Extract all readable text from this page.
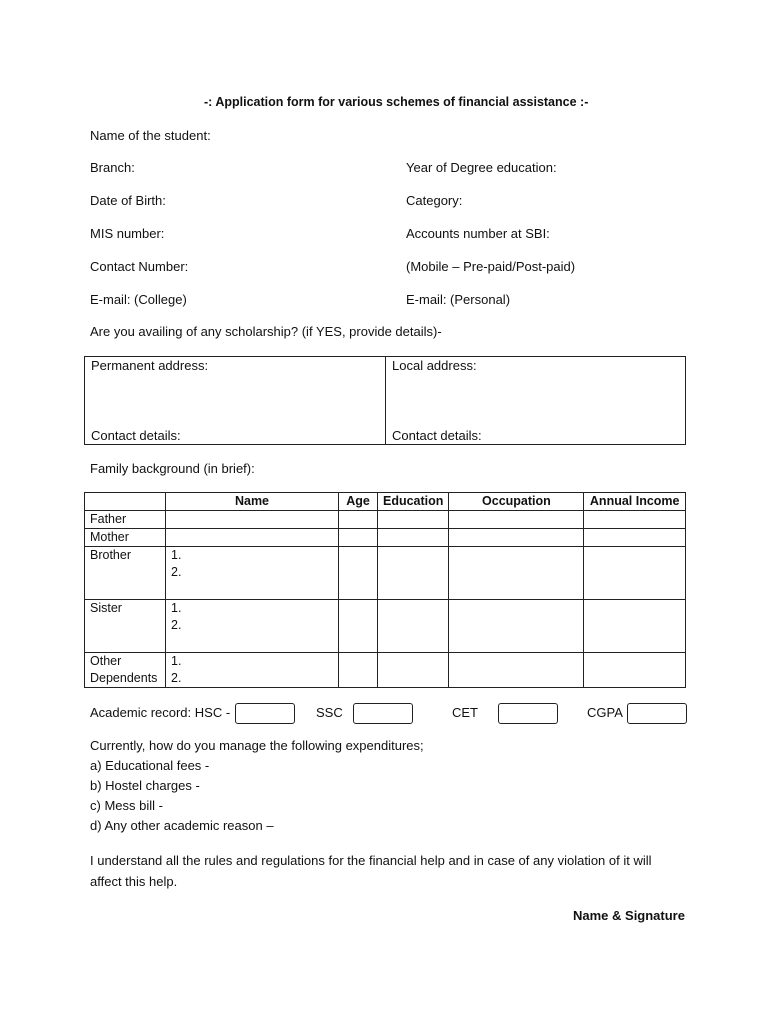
-: Application form for various schemes of financial assistance :-
Name of the student:
Branch:	Year of Degree education:
Date of Birth:	Category:
MIS number:	Accounts number at SBI:
Contact Number:	(Mobile – Pre-paid/Post-paid)
E-mail: (College)	E-mail: (Personal)
Are you availing of any scholarship? (if YES, provide details)-
Permanent address:
Contact details:

Local address:
Contact details:
Family background (in brief):
	Name	Age	Education	Occupation	Annual Income
Father					
Mother					
Brother	1.
2.				

Sister	1.
2.				

Other
Dependents	1.
2.				

Academic record: HSC -	SSC	CET	CGPA
Currently, how do you manage the following expenditures;
a) Educational fees -
b) Hostel charges -
c) Mess bill -
d) Any other academic reason –
I understand all the rules and regulations for the financial help and in case of any violation of it will
affect this help.
Name & Signature
